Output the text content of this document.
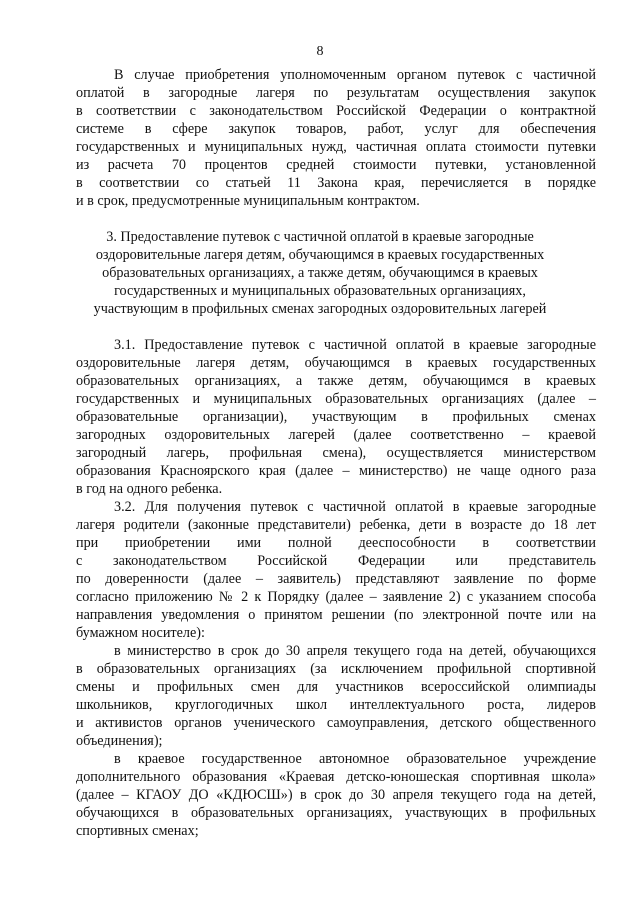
8
В случае приобретения уполномоченным органом путевок с частичной
оплатой в загородные лагеря по результатам осуществления закупок
в соответствии с законодательством Российской Федерации о контрактной
системе в сфере закупок товаров, работ, услуг для обеспечения
государственных и муниципальных нужд, частичная оплата стоимости путевки
из расчета 70 процентов средней стоимости путевки, установленной
в соответствии со статьей 11 Закона края, перечисляется в порядке
и в срок, предусмотренные муниципальным контрактом.
3. Предоставление путевок с частичной оплатой в краевые загородные
оздоровительные лагеря детям, обучающимся в краевых государственных
образовательных организациях, а также детям, обучающимся в краевых
государственных и муниципальных образовательных организациях,
участвующим в профильных сменах загородных оздоровительных лагерей
3.1. Предоставление путевок с частичной оплатой в краевые загородные
оздоровительные лагеря детям, обучающимся в краевых государственных
образовательных организациях, а также детям, обучающимся в краевых
государственных и муниципальных образовательных организациях (далее –
образовательные организации), участвующим в профильных сменах
загородных оздоровительных лагерей (далее соответственно – краевой
загородный лагерь, профильная смена), осуществляется министерством
образования Красноярского края (далее – министерство) не чаще одного раза
в год на одного ребенка.
3.2. Для получения путевок с частичной оплатой в краевые загородные
лагеря родители (законные представители) ребенка, дети в возрасте до 18 лет
при приобретении ими полной дееспособности в соответствии
с законодательством Российской Федерации или представитель
по доверенности (далее – заявитель) представляют заявление по форме
согласно приложению № 2 к Порядку (далее – заявление 2) с указанием способа
направления уведомления о принятом решении (по электронной почте или на
бумажном носителе):
в министерство в срок до 30 апреля текущего года на детей, обучающихся
в образовательных организациях (за исключением профильной спортивной
смены и профильных смен для участников всероссийской олимпиады
школьников, круглогодичных школ интеллектуального роста, лидеров
и активистов органов ученического самоуправления, детского общественного
объединения);
в краевое государственное автономное образовательное учреждение
дополнительного образования «Краевая детско-юношеская спортивная школа»
(далее – КГАОУ ДО «КДЮСШ») в срок до 30 апреля текущего года на детей,
обучающихся в образовательных организациях, участвующих в профильных
спортивных сменах;
